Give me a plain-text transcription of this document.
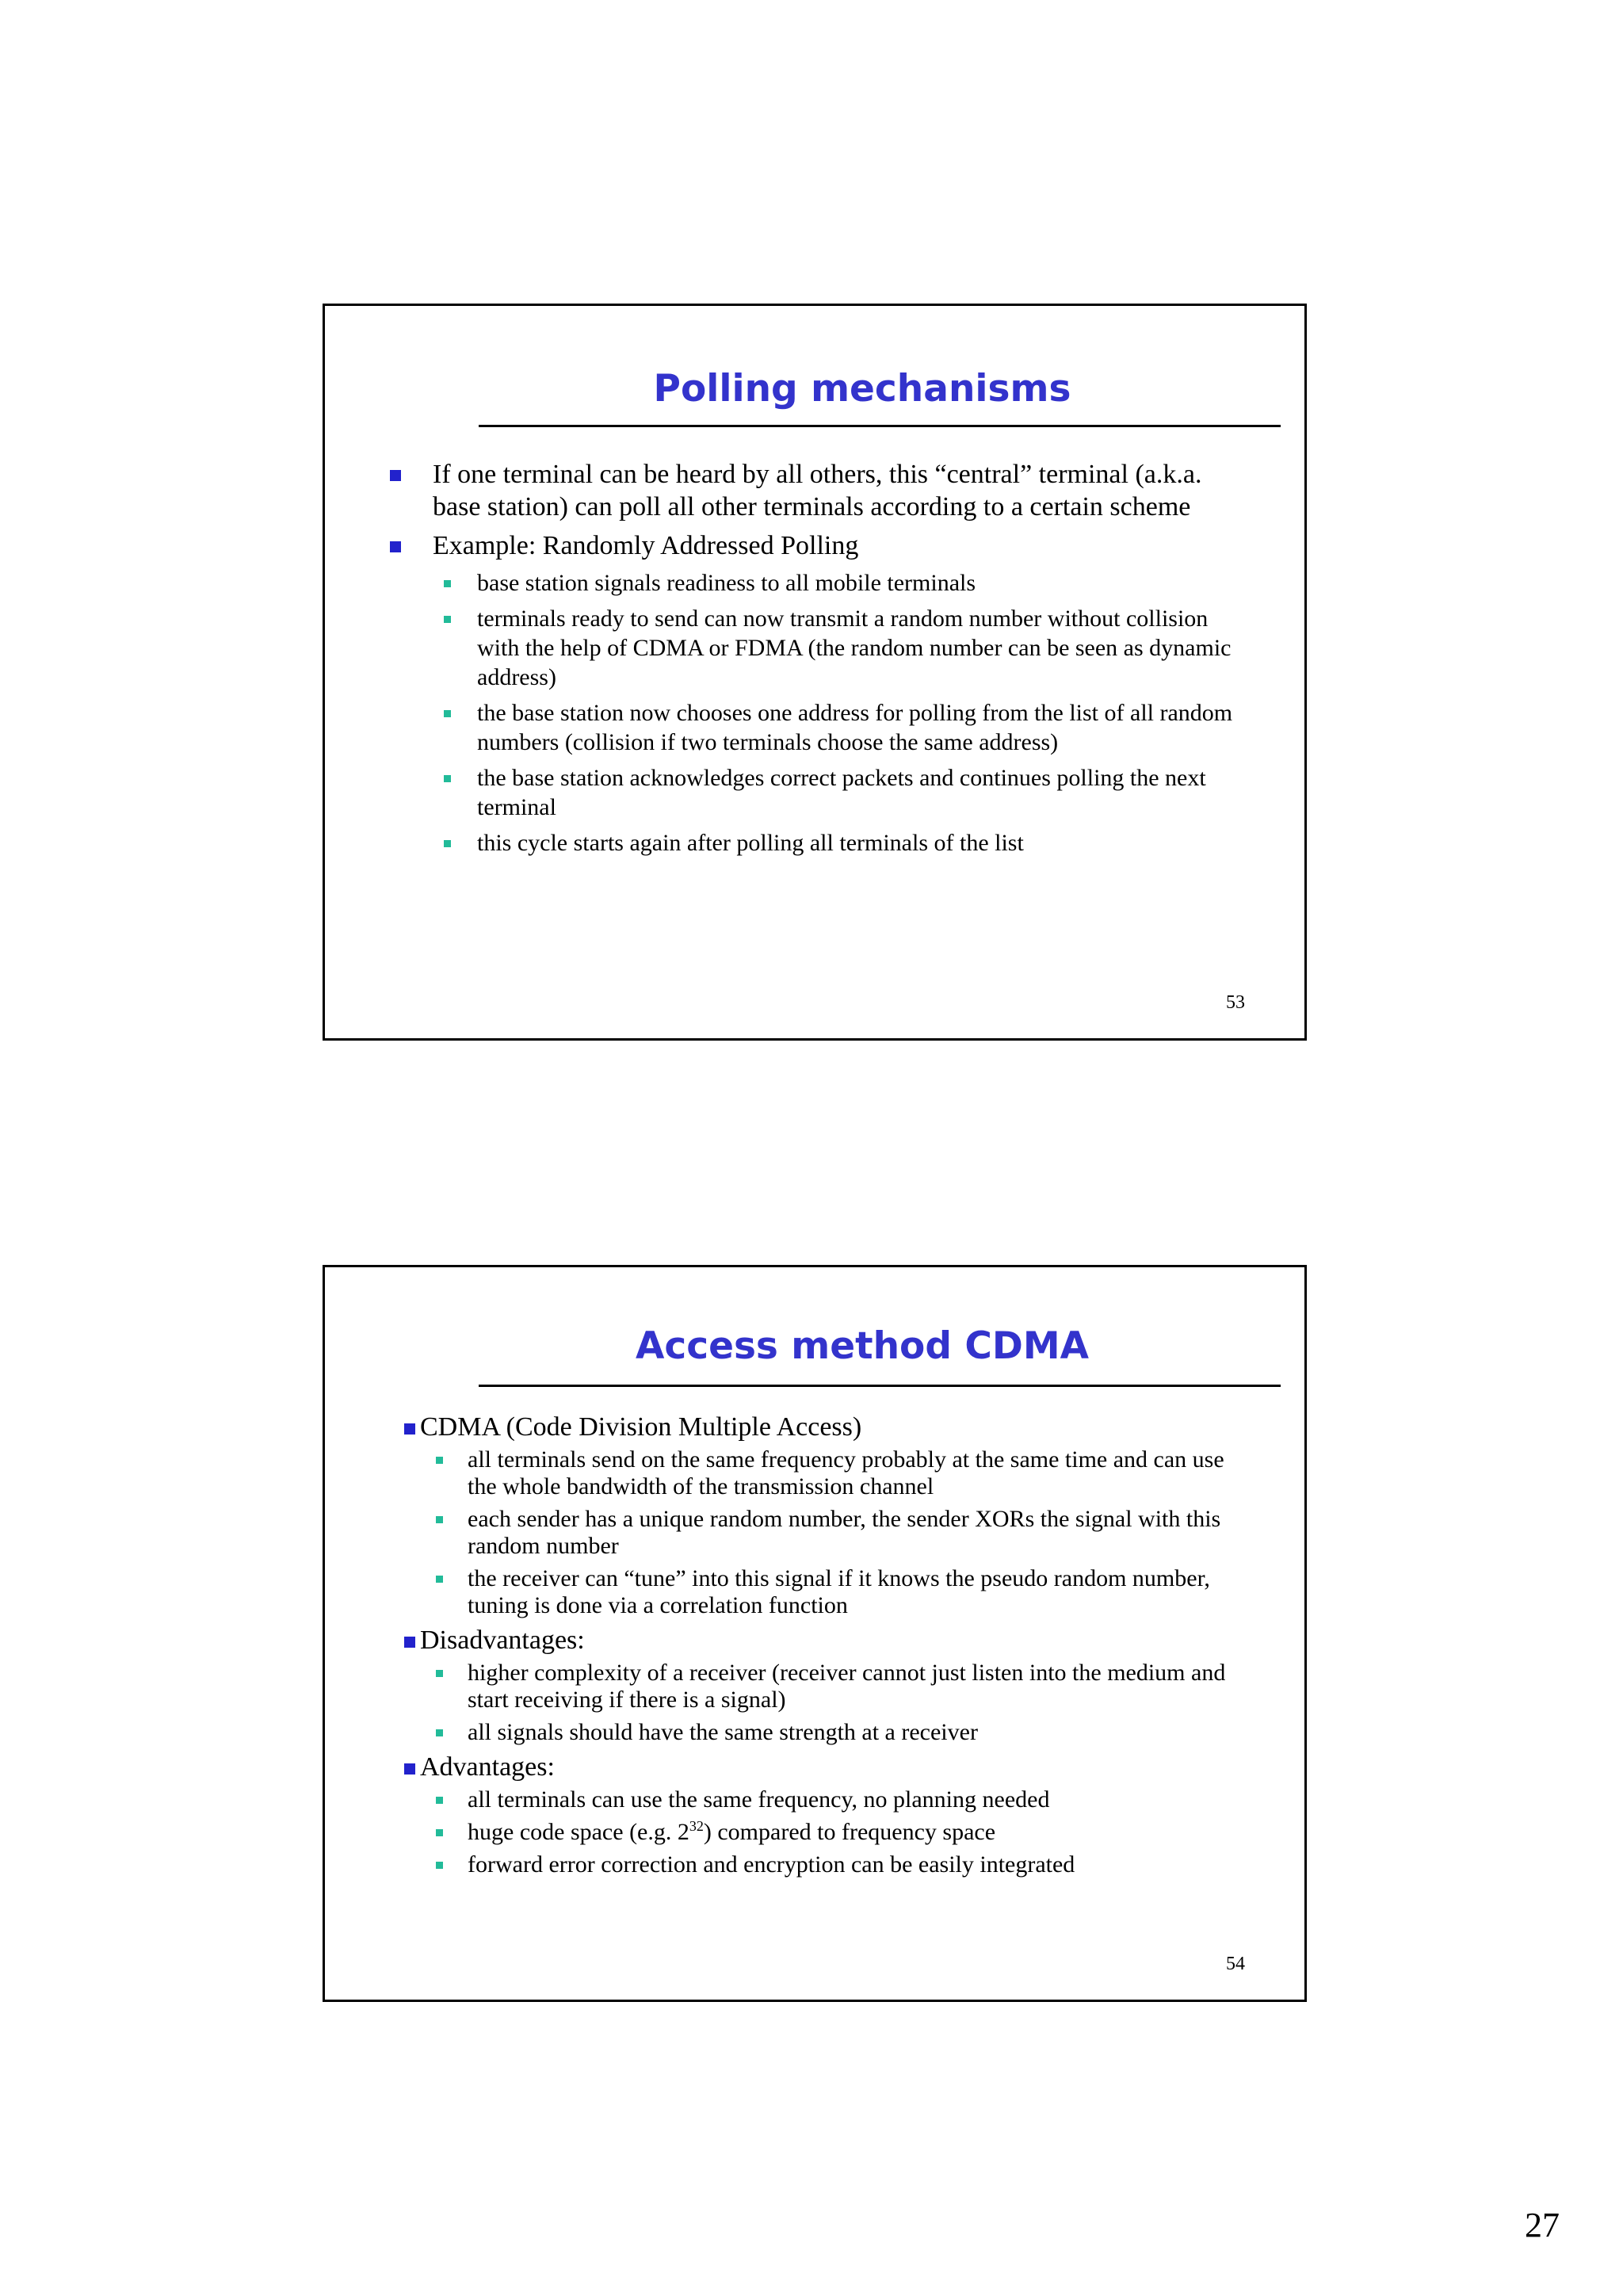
Polling mechanisms
If one terminal can be heard by all others, this “central” terminal (a.k.a. base station) can poll all other terminals according to a certain scheme
Example: Randomly Addressed Polling
base station signals readiness to all mobile terminals
terminals ready to send can now transmit a random number without collision with the help of CDMA or FDMA (the random number can be seen as dynamic address)
the base station now chooses one address for polling from the list of all random numbers (collision if two terminals choose the same address)
the base station acknowledges correct packets and continues polling the next terminal
this cycle starts again after polling all terminals of the list
53
Access method CDMA
CDMA (Code Division Multiple Access)
all terminals send on the same frequency probably at the same time and can use the whole bandwidth of the transmission channel
each sender has a unique random number, the sender XORs the signal with this random number
the receiver can “tune” into this signal if it knows the pseudo random number, tuning is done via a correlation function
Disadvantages:
higher complexity of a receiver (receiver cannot just listen into the medium and start receiving if there is a signal)
all signals should have the same strength at a receiver
Advantages:
all terminals can use the same frequency, no planning needed
huge code space (e.g. $2^{32}$) compared to frequency space
forward error correction and encryption can be easily integrated
54
27
